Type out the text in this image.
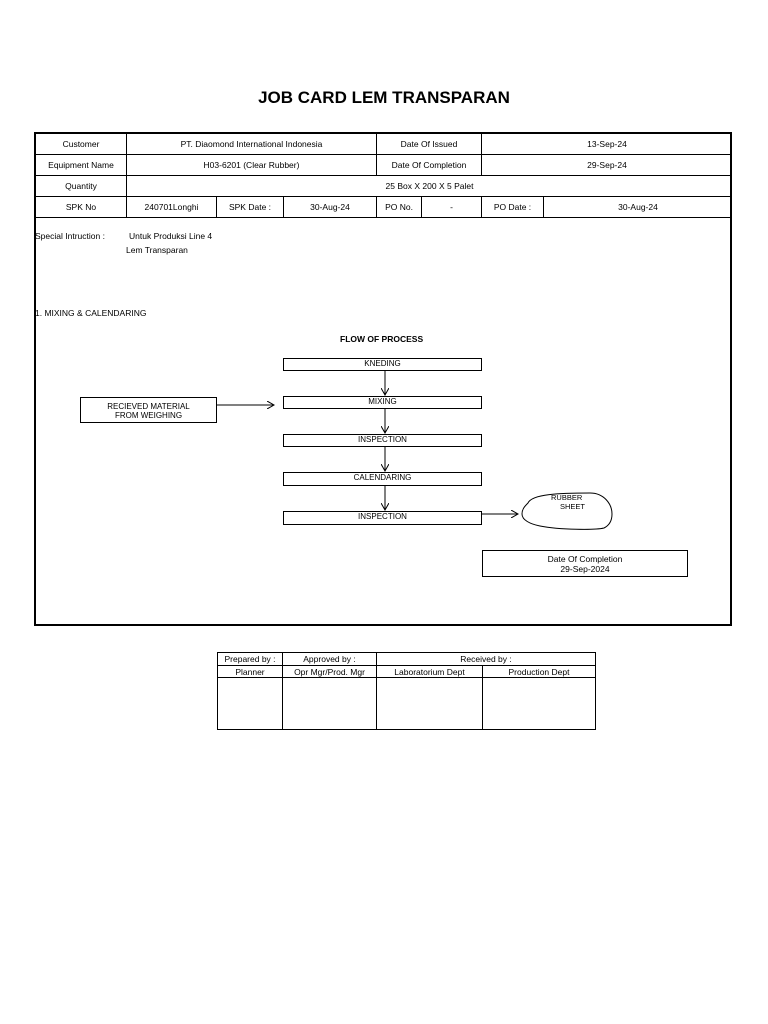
JOB CARD LEM TRANSPARAN
Customer	PT. Diaomond International Indonesia	Date Of Issued	13-Sep-24
Equipment Name	H03-6201 (Clear Rubber)	Date Of Completion	29-Sep-24
Quantity	25 Box X 200 X 5 Palet
SPK No	240701Longhi	SPK Date :	30-Aug-24	PO No.	-	PO Date :	30-Aug-24
Special Intruction :	Untuk Produksi Line 4
Lem Transparan
1. MIXING & CALENDARING
FLOW OF PROCESS
KNEDING
MIXING
INSPECTION
CALENDARING
INSPECTION
RECIEVED MATERIAL
FROM WEIGHING
RUBBER
SHEET
Date Of Completion
29-Sep-2024
Prepared by :	Approved by :	Received by :
Planner	Opr Mgr/Prod. Mgr	Laboratorium Dept	Production Dept
